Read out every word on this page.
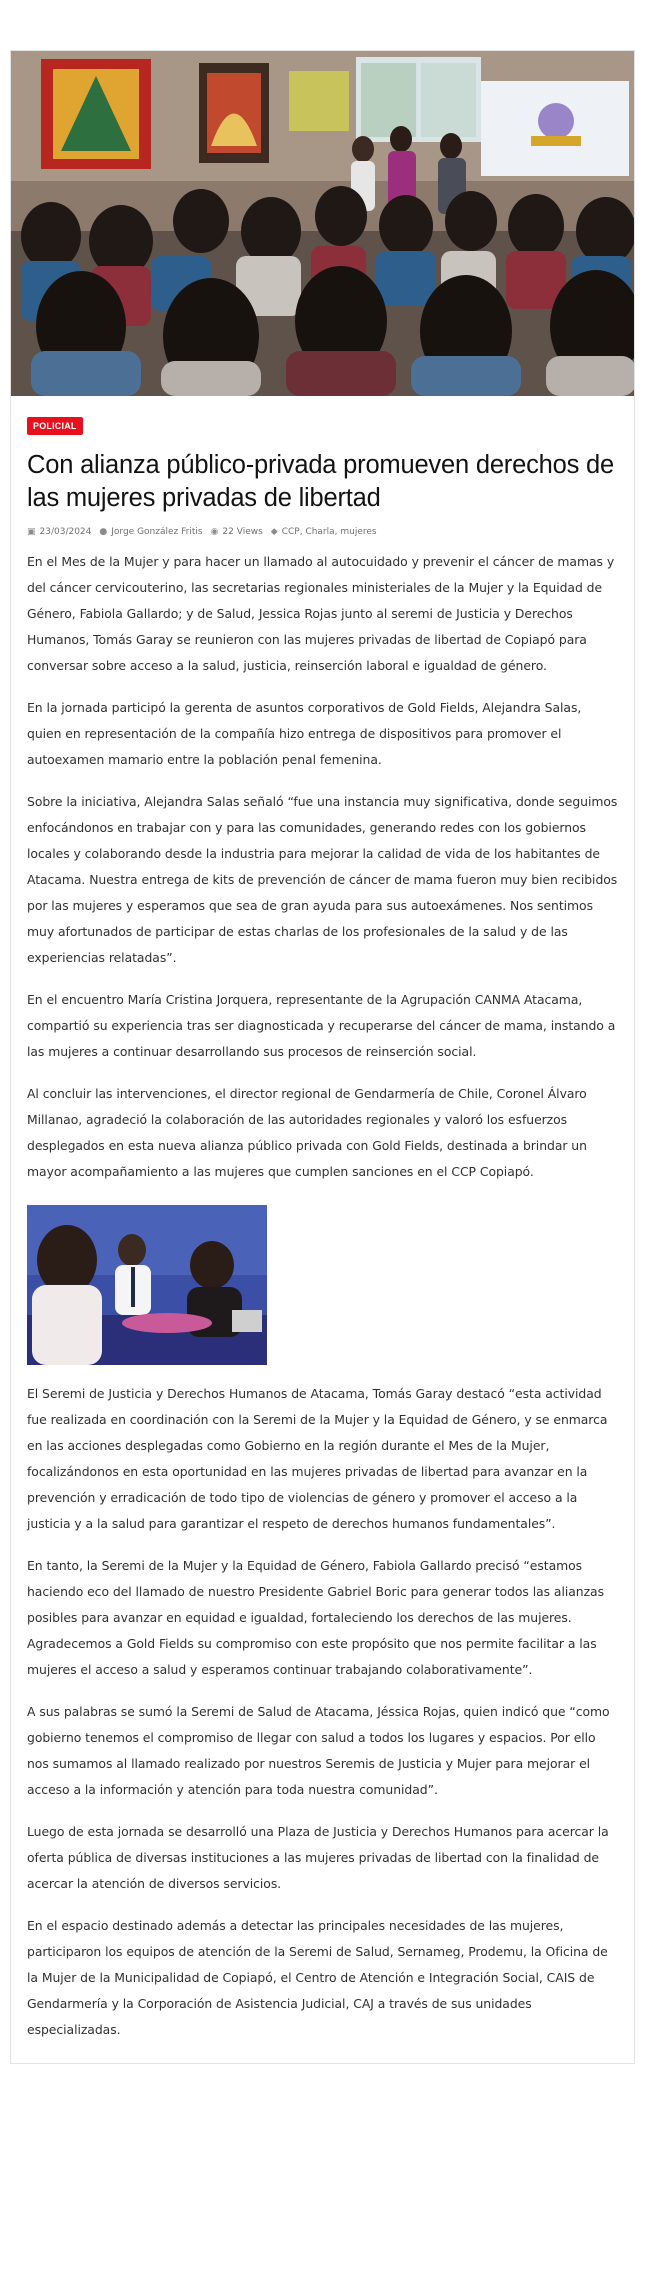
POLICIAL
Con alianza público-privada promueven derechos de las mujeres privadas de libertad
▣ 23/03/2024 ● Jorge González Fritis ◉ 22 Views ◆ CCP, Charla, mujeres

En el Mes de la Mujer y para hacer un llamado al autocuidado y prevenir el cáncer de mamas y del cáncer cervicouterino, las secretarias regionales ministeriales de la Mujer y la Equidad de Género, Fabiola Gallardo; y de Salud, Jessica Rojas junto al seremi de Justicia y Derechos Humanos, Tomás Garay se reunieron con las mujeres privadas de libertad de Copiapó para conversar sobre acceso a la salud, justicia, reinserción laboral e igualdad de género.

En la jornada participó la gerenta de asuntos corporativos de Gold Fields, Alejandra Salas, quien en representación de la compañía hizo entrega de dispositivos para promover el autoexamen mamario entre la población penal femenina.

Sobre la iniciativa, Alejandra Salas señaló “fue una instancia muy significativa, donde seguimos enfocándonos en trabajar con y para las comunidades, generando redes con los gobiernos locales y colaborando desde la industria para mejorar la calidad de vida de los habitantes de Atacama. Nuestra entrega de kits de prevención de cáncer de mama fueron muy bien recibidos por las mujeres y esperamos que sea de gran ayuda para sus autoexámenes. Nos sentimos muy afortunados de participar de estas charlas de los profesionales de la salud y de las experiencias relatadas”.

En el encuentro María Cristina Jorquera, representante de la Agrupación CANMA Atacama, compartió su experiencia tras ser diagnosticada y recuperarse del cáncer de mama, instando a las mujeres a continuar desarrollando sus procesos de reinserción social.

Al concluir las intervenciones, el director regional de Gendarmería de Chile, Coronel Álvaro Millanao, agradeció la colaboración de las autoridades regionales y valoró los esfuerzos desplegados en esta nueva alianza público privada con Gold Fields, destinada a brindar un mayor acompañamiento a las mujeres que cumplen sanciones en el CCP Copiapó.

El Seremi de Justicia y Derechos Humanos de Atacama, Tomás Garay destacó “esta actividad fue realizada en coordinación con la Seremi de la Mujer y la Equidad de Género, y se enmarca en las acciones desplegadas como Gobierno en la región durante el Mes de la Mujer, focalizándonos en esta oportunidad en las mujeres privadas de libertad para avanzar en la prevención y erradicación de todo tipo de violencias de género y promover el acceso a la justicia y a la salud para garantizar el respeto de derechos humanos fundamentales”.

En tanto, la Seremi de la Mujer y la Equidad de Género, Fabiola Gallardo precisó “estamos haciendo eco del llamado de nuestro Presidente Gabriel Boric para generar todos las alianzas posibles para avanzar en equidad e igualdad, fortaleciendo los derechos de las mujeres. Agradecemos a Gold Fields su compromiso con este propósito que nos permite facilitar a las mujeres el acceso a salud y esperamos continuar trabajando colaborativamente”.

A sus palabras se sumó la Seremi de Salud de Atacama, Jéssica Rojas, quien indicó que “como gobierno tenemos el compromiso de llegar con salud a todos los lugares y espacios. Por ello nos sumamos al llamado realizado por nuestros Seremis de Justicia y Mujer para mejorar el acceso a la información y atención para toda nuestra comunidad”.

Luego de esta jornada se desarrolló una Plaza de Justicia y Derechos Humanos para acercar la oferta pública de diversas instituciones a las mujeres privadas de libertad con la finalidad de acercar la atención de diversos servicios.

En el espacio destinado además a detectar las principales necesidades de las mujeres, participaron los equipos de atención de la Seremi de Salud, Sernameg, Prodemu, la Oficina de la Mujer de la Municipalidad de Copiapó, el Centro de Atención e Integración Social, CAIS de Gendarmería y la Corporación de Asistencia Judicial, CAJ a través de sus unidades especializadas.
